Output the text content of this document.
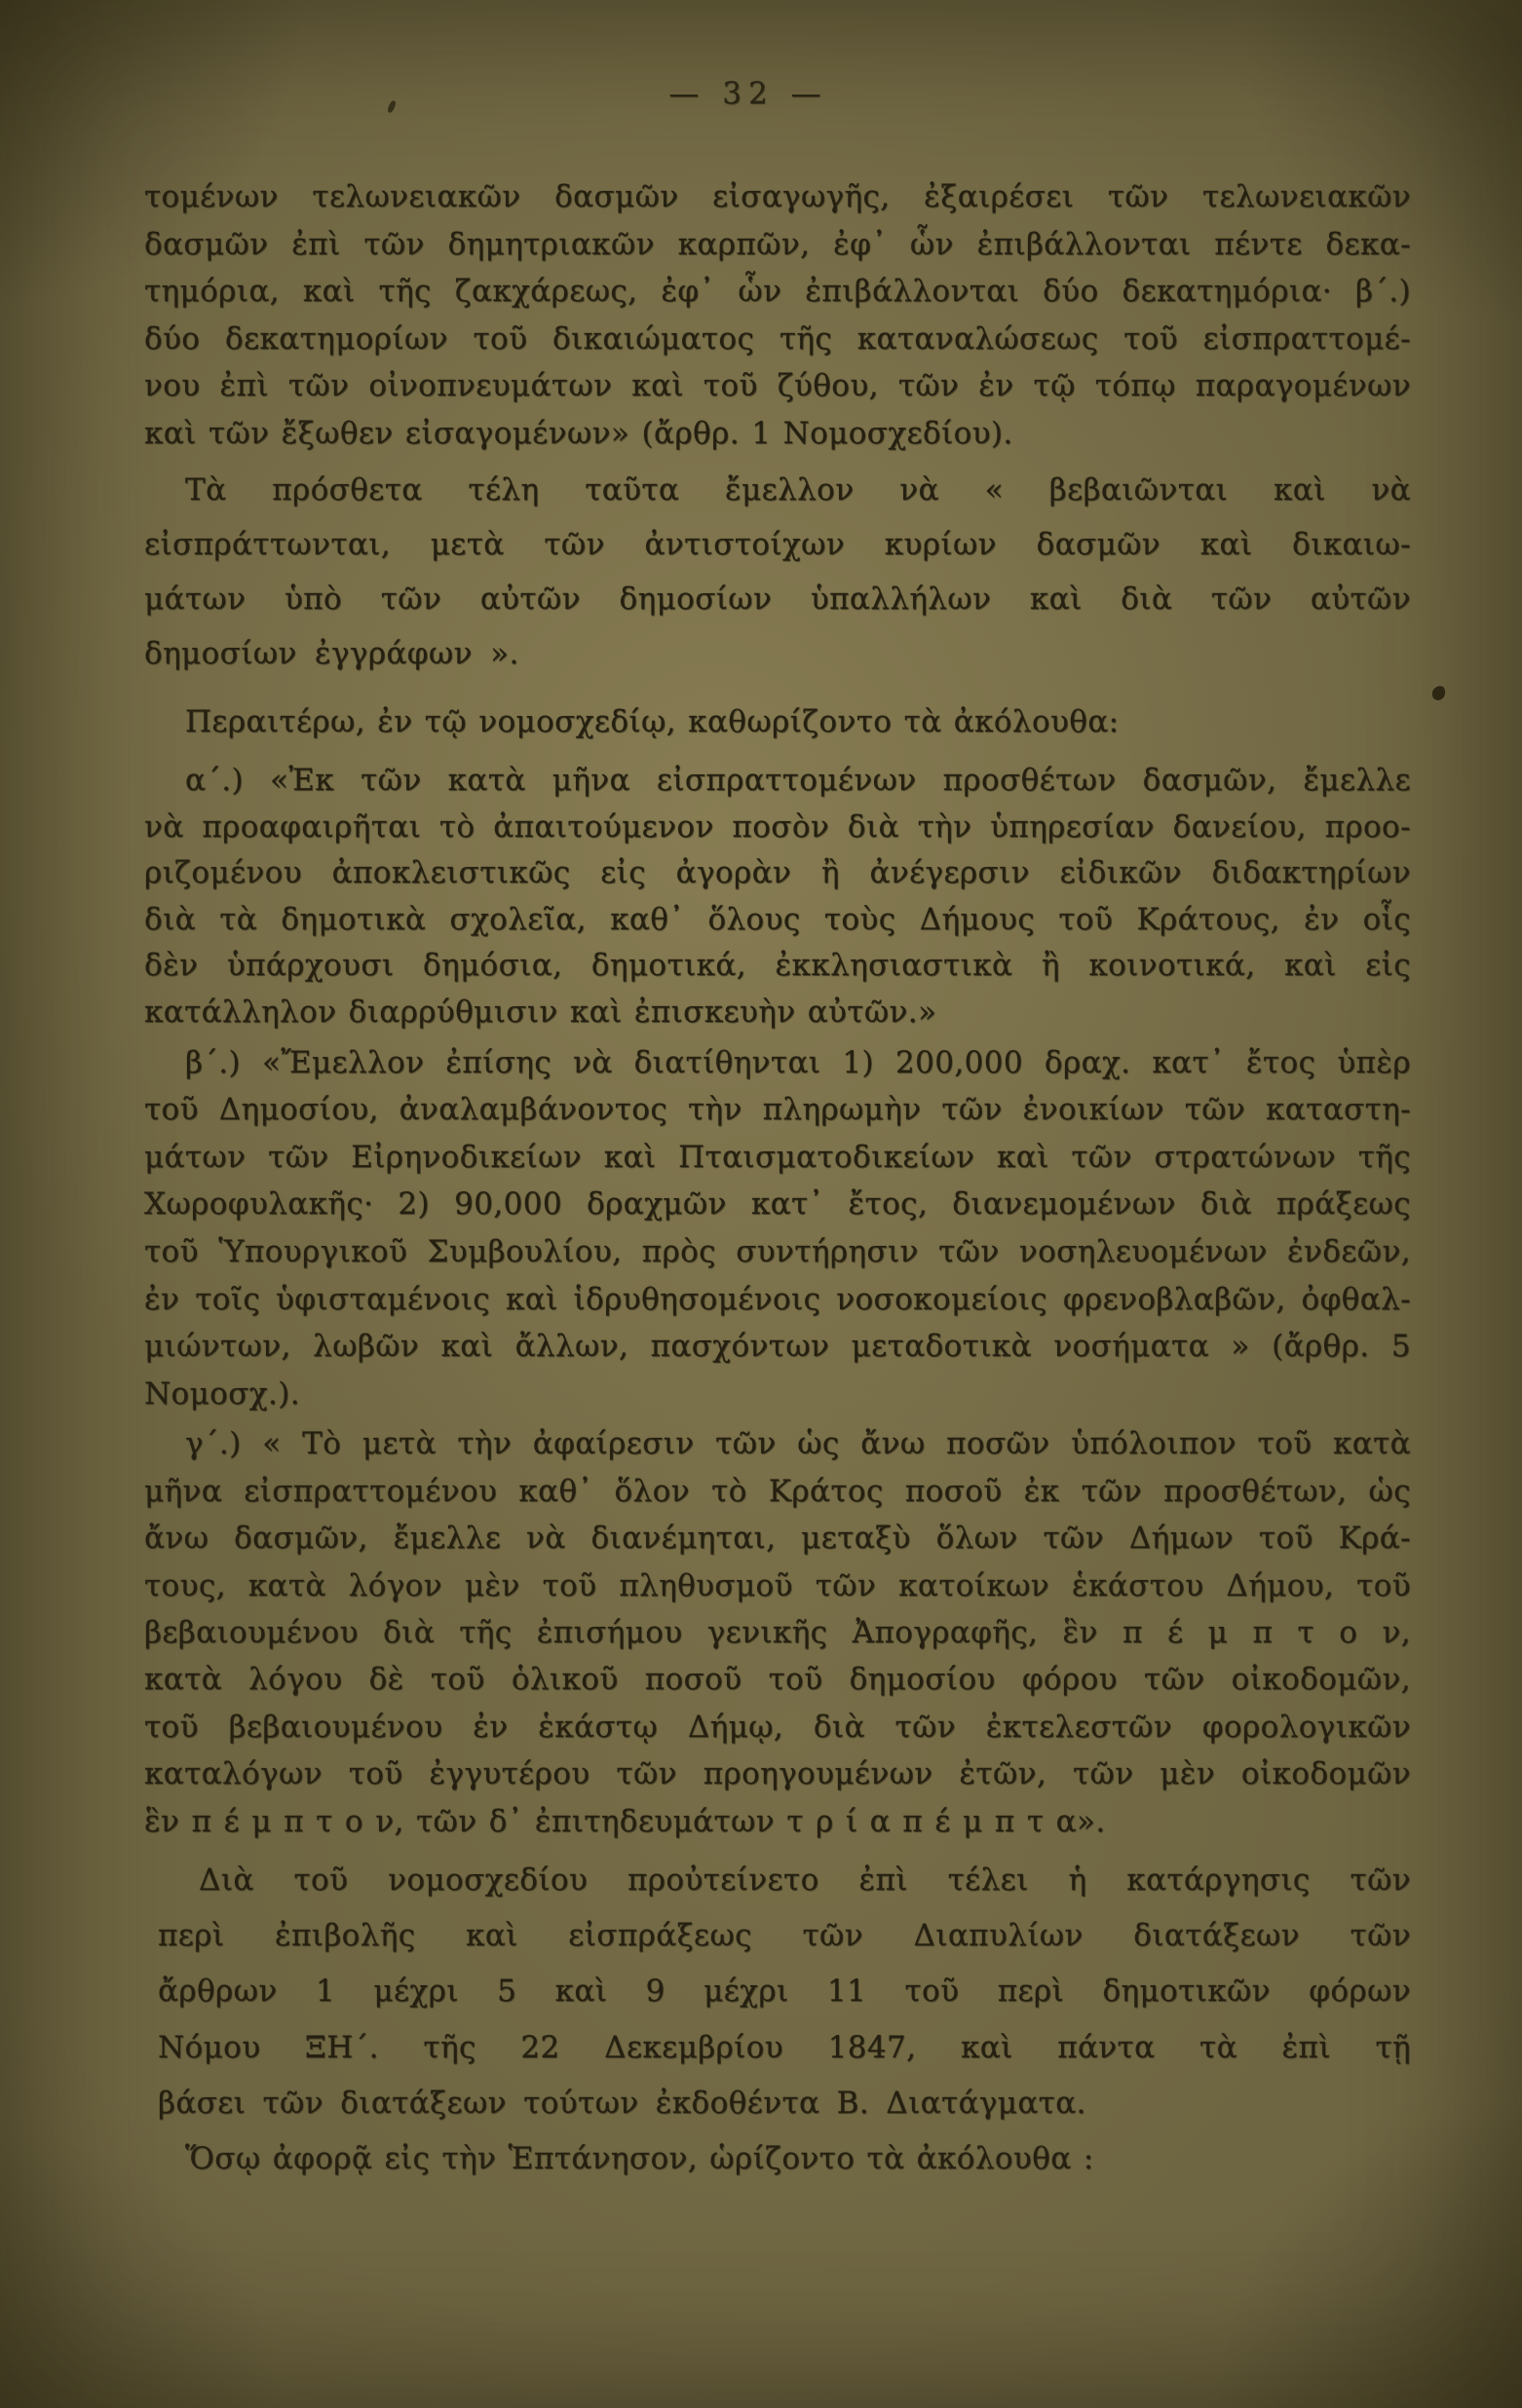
— 32 —
τομένων τελωνειακῶν δασμῶν εἰσαγωγῆς, ἐξαιρέσει τῶν τελωνειακῶν
δασμῶν ἐπὶ τῶν δημητριακῶν καρπῶν, ἐφ᾽ ὧν ἐπιβάλλονται πέντε δεκα-
τημόρια, καὶ τῆς ζακχάρεως, ἐφ᾽ ὧν ἐπιβάλλονται δύο δεκατημόρια· β´.)
δύο δεκατημορίων τοῦ δικαιώματος τῆς καταναλώσεως τοῦ εἰσπραττομέ-
νου ἐπὶ τῶν οἰνοπνευμάτων καὶ τοῦ ζύθου, τῶν ἐν τῷ τόπῳ παραγομένων
καὶ τῶν ἔξωθεν εἰσαγομένων» (ἄρθρ. 1 Νομοσχεδίου).
Τὰ πρόσθετα τέλη ταῦτα ἔμελλον νὰ « βεβαιῶνται καὶ νὰ
εἰσπράττωνται, μετὰ τῶν ἀντιστοίχων κυρίων δασμῶν καὶ δικαιω-
μάτων ὑπὸ τῶν αὐτῶν δημοσίων ὑπαλλήλων καὶ διὰ τῶν αὐτῶν
δημοσίων ἐγγράφων ».
Περαιτέρω, ἐν τῷ νομοσχεδίῳ, καθωρίζοντο τὰ ἀκόλουθα:
α´.) «Ἐκ τῶν κατὰ μῆνα εἰσπραττομένων προσθέτων δασμῶν, ἔμελλε
νὰ προαφαιρῆται τὸ ἀπαιτούμενον ποσὸν διὰ τὴν ὑπηρεσίαν δανείου, προο-
ριζομένου ἀποκλειστικῶς εἰς ἀγορὰν ἢ ἀνέγερσιν εἰδικῶν διδακτηρίων
διὰ τὰ δημοτικὰ σχολεῖα, καθ᾽ ὅλους τοὺς Δήμους τοῦ Κράτους, ἐν οἷς
δὲν ὑπάρχουσι δημόσια, δημοτικά, ἐκκλησιαστικὰ ἢ κοινοτικά, καὶ εἰς
κατάλληλον διαρρύθμισιν καὶ ἐπισκευὴν αὐτῶν.»
β´.) «Ἔμελλον ἐπίσης νὰ διατίθηνται 1) 200,000 δραχ. κατ᾽ ἔτος ὑπὲρ
τοῦ Δημοσίου, ἀναλαμβάνοντος τὴν πληρωμὴν τῶν ἐνοικίων τῶν καταστη-
μάτων τῶν Εἰρηνοδικείων καὶ Πταισματοδικείων καὶ τῶν στρατώνων τῆς
Χωροφυλακῆς· 2) 90,000 δραχμῶν κατ᾽ ἔτος, διανεμομένων διὰ πράξεως
τοῦ Ὑπουργικοῦ Συμβουλίου, πρὸς συντήρησιν τῶν νοσηλευομένων ἐνδεῶν,
ἐν τοῖς ὑφισταμένοις καὶ ἱδρυθησομένοις νοσοκομείοις φρενοβλαβῶν, ὀφθαλ-
μιώντων, λωβῶν καὶ ἄλλων, πασχόντων μεταδοτικὰ νοσήματα » (ἄρθρ. 5
Νομοσχ.).
γ´.) « Τὸ μετὰ τὴν ἀφαίρεσιν τῶν ὡς ἄνω ποσῶν ὑπόλοιπον τοῦ κατὰ
μῆνα εἰσπραττομένου καθ᾽ ὅλον τὸ Κράτος ποσοῦ ἐκ τῶν προσθέτων, ὡς
ἄνω δασμῶν, ἔμελλε νὰ διανέμηται, μεταξὺ ὅλων τῶν Δήμων τοῦ Κρά-
τους, κατὰ λόγον μὲν τοῦ πληθυσμοῦ τῶν κατοίκων ἑκάστου Δήμου, τοῦ
βεβαιουμένου διὰ τῆς ἐπισήμου γενικῆς Ἀπογραφῆς, ἓν π έ μ π τ ο ν,
κατὰ λόγου δὲ τοῦ ὁλικοῦ ποσοῦ τοῦ δημοσίου φόρου τῶν οἰκοδομῶν,
τοῦ βεβαιουμένου ἐν ἑκάστῳ Δήμῳ, διὰ τῶν ἐκτελεστῶν φορολογικῶν
καταλόγων τοῦ ἐγγυτέρου τῶν προηγουμένων ἐτῶν, τῶν μὲν οἰκοδομῶν
ἓν π έ μ π τ ο ν, τῶν δ᾽ ἐπιτηδευμάτων τ ρ ί α π έ μ π τ α».
Διὰ τοῦ νομοσχεδίου προὐτείνετο ἐπὶ τέλει ἡ κατάργησις τῶν
περὶ ἐπιβολῆς καὶ εἰσπράξεως τῶν Διαπυλίων διατάξεων τῶν
ἄρθρων 1 μέχρι 5 καὶ 9 μέχρι 11 τοῦ περὶ δημοτικῶν φόρων
Νόμου ΞΗ´. τῆς 22 Δεκεμβρίου 1847, καὶ πάντα τὰ ἐπὶ τῇ
βάσει τῶν διατάξεων τούτων ἐκδοθέντα Β. Διατάγματα.
Ὅσῳ ἀφορᾷ εἰς τὴν Ἑπτάνησον, ὡρίζοντο τὰ ἀκόλουθα :
